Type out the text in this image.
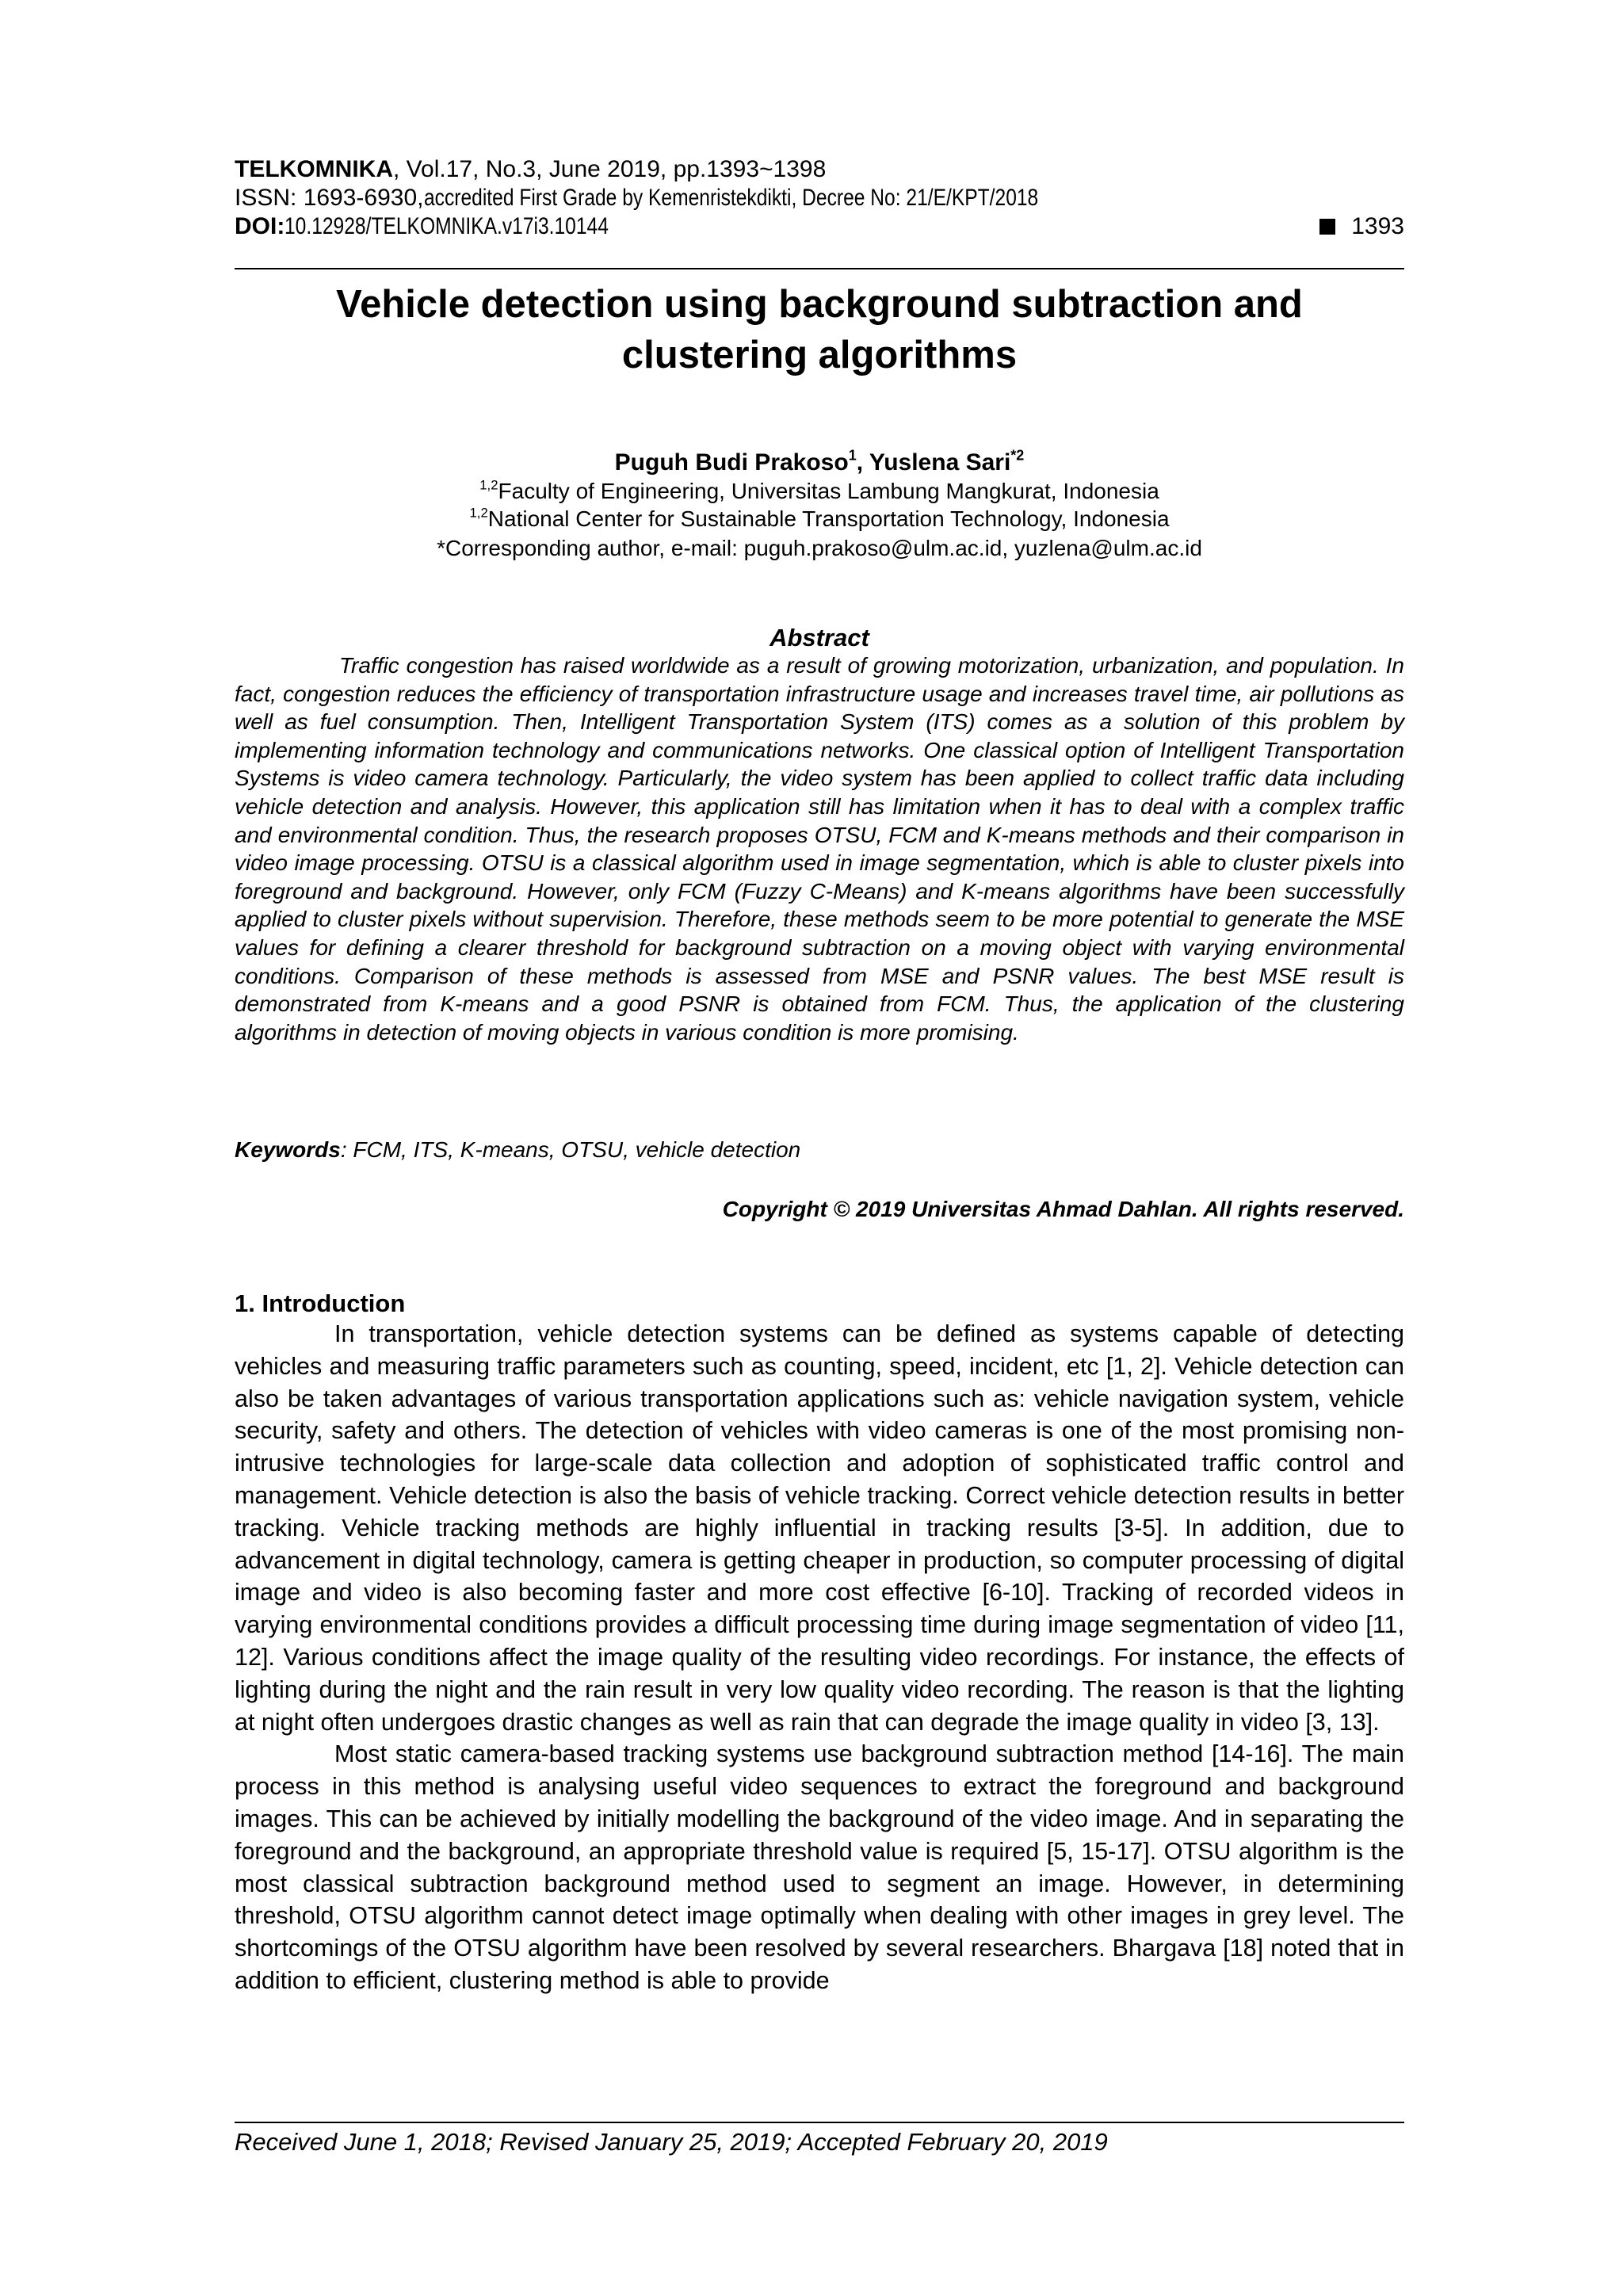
TELKOMNIKA, Vol.17, No.3, June 2019, pp.1393~1398
ISSN: 1693-6930,accredited First Grade by Kemenristekdikti, Decree No: 21/E/KPT/2018
DOI:10.12928/TELKOMNIKA.v17i3.10144	1393
Vehicle detection using background subtraction and
clustering algorithms
Puguh Budi Prakoso$^1$, Yuslena Sari$^{*2}$
$^{1,2}$Faculty of Engineering, Universitas Lambung Mangkurat, Indonesia
$^{1,2}$National Center for Sustainable Transportation Technology, Indonesia
*Corresponding author, e-mail: puguh.prakoso@ulm.ac.id, yuzlena@ulm.ac.id
Abstract

Traffic congestion has raised worldwide as a result of growing motorization, urbanization, and population. In fact, congestion reduces the efficiency of transportation infrastructure usage and increases travel time, air pollutions as well as fuel consumption. Then, Intelligent Transportation System (ITS) comes as a solution of this problem by implementing information technology and communications networks. One classical option of Intelligent Transportation Systems is video camera technology. Particularly, the video system has been applied to collect traffic data including vehicle detection and analysis. However, this application still has limitation when it has to deal with a complex traffic and environmental condition. Thus, the research proposes OTSU, FCM and K-means methods and their comparison in video image processing. OTSU is a classical algorithm used in image segmentation, which is able to cluster pixels into foreground and background. However, only FCM (Fuzzy C-Means) and K-means algorithms have been successfully applied to cluster pixels without supervision. Therefore, these methods seem to be more potential to generate the MSE values for defining a clearer threshold for background subtraction on a moving object with varying environmental conditions. Comparison of these methods is assessed from MSE and PSNR values. The best MSE result is demonstrated from K-means and a good PSNR is obtained from FCM. Thus, the application of the clustering algorithms in detection of moving objects in various condition is more promising.

Keywords: FCM, ITS, K-means, OTSU, vehicle detection
Copyright © 2019 Universitas Ahmad Dahlan. All rights reserved.
1. Introduction

In transportation, vehicle detection systems can be defined as systems capable of detecting vehicles and measuring traffic parameters such as counting, speed, incident, etc [1, 2]. Vehicle detection can also be taken advantages of various transportation applications such as: vehicle navigation system, vehicle security, safety and others. The detection of vehicles with video cameras is one of the most promising non-intrusive technologies for large-scale data collection and adoption of sophisticated traffic control and management. Vehicle detection is also the basis of vehicle tracking. Correct vehicle detection results in better tracking. Vehicle tracking methods are highly influential in tracking results [3-5]. In addition, due to advancement in digital technology, camera is getting cheaper in production, so computer processing of digital image and video is also becoming faster and more cost effective [6-10]. Tracking of recorded videos in varying environmental conditions provides a difficult processing time during image segmentation of video [11, 12]. Various conditions affect the image quality of the resulting video recordings. For instance, the effects of lighting during the night and the rain result in very low quality video recording. The reason is that the lighting at night often undergoes drastic changes as well as rain that can degrade the image quality in video [3, 13].

Most static camera-based tracking systems use background subtraction method [14-16]. The main process in this method is analysing useful video sequences to extract the foreground and background images. This can be achieved by initially modelling the background of the video image. And in separating the foreground and the background, an appropriate threshold value is required [5, 15-17]. OTSU algorithm is the most classical subtraction background method used to segment an image. However, in determining threshold, OTSU algorithm cannot detect image optimally when dealing with other images in grey level. The shortcomings of the OTSU algorithm have been resolved by several researchers. Bhargava [18] noted that in addition to efficient, clustering method is able to provide

Received June 1, 2018; Revised January 25, 2019; Accepted February 20, 2019
